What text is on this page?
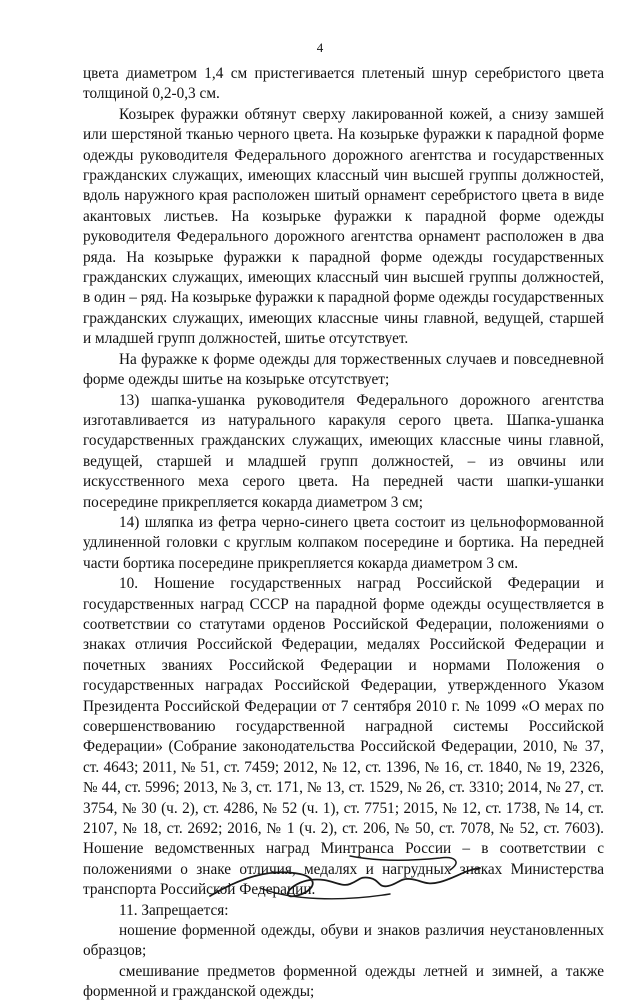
4

цвета диаметром 1,4 см пристегивается плетеный шнур серебристого цвета толщиной 0,2-0,3 см.

Козырек фуражки обтянут сверху лакированной кожей, а снизу замшей или шерстяной тканью черного цвета. На козырьке фуражки к парадной форме одежды руководителя Федерального дорожного агентства и государственных гражданских служащих, имеющих классный чин высшей группы должностей, вдоль наружного края расположен шитый орнамент серебристого цвета в виде акантовых листьев. На козырьке фуражки к парадной форме одежды руководителя Федерального дорожного агентства орнамент расположен в два ряда. На козырьке фуражки к парадной форме одежды государственных гражданских служащих, имеющих классный чин высшей группы должностей, в один – ряд. На козырьке фуражки к парадной форме одежды государственных гражданских служащих, имеющих классные чины главной, ведущей, старшей и младшей групп должностей, шитье отсутствует.

На фуражке к форме одежды для торжественных случаев и повседневной форме одежды шитье на козырьке отсутствует;

13) шапка-ушанка руководителя Федерального дорожного агентства изготавливается из натурального каракуля серого цвета. Шапка-ушанка государственных гражданских служащих, имеющих классные чины главной, ведущей, старшей и младшей групп должностей, – из овчины или искусственного меха серого цвета. На передней части шапки-ушанки посередине прикрепляется кокарда диаметром 3 см;

14) шляпка из фетра черно-синего цвета состоит из цельноформованной удлиненной головки с круглым колпаком посередине и бортика. На передней части бортика посередине прикрепляется кокарда диаметром 3 см.

10. Ношение государственных наград Российской Федерации и государственных наград СССР на парадной форме одежды осуществляется в соответствии со статутами орденов Российской Федерации, положениями о знаках отличия Российской Федерации, медалях Российской Федерации и почетных званиях Российской Федерации и нормами Положения о государственных наградах Российской Федерации, утвержденного Указом Президента Российской Федерации от 7 сентября 2010 г. № 1099 «О мерах по совершенствованию государственной наградной системы Российской Федерации» (Собрание законодательства Российской Федерации, 2010, № 37, ст. 4643; 2011, № 51, ст. 7459; 2012, № 12, ст. 1396, № 16, ст. 1840, № 19, 2326, № 44, ст. 5996; 2013, № 3, ст. 171, № 13, ст. 1529, № 26, ст. 3310; 2014, № 27, ст. 3754, № 30 (ч. 2), ст. 4286, № 52 (ч. 1), ст. 7751; 2015, № 12, ст. 1738, № 14, ст. 2107, № 18, ст. 2692; 2016, № 1 (ч. 2), ст. 206, № 50, ст. 7078, № 52, ст. 7603). Ношение ведомственных наград Минтранса России – в соответствии с положениями о знаке отличия, медалях и нагрудных знаках Министерства транспорта Российской Федерации.

11. Запрещается:

ношение форменной одежды, обуви и знаков различия неустановленных образцов;

смешивание предметов форменной одежды летней и зимней, а также форменной и гражданской одежды;
